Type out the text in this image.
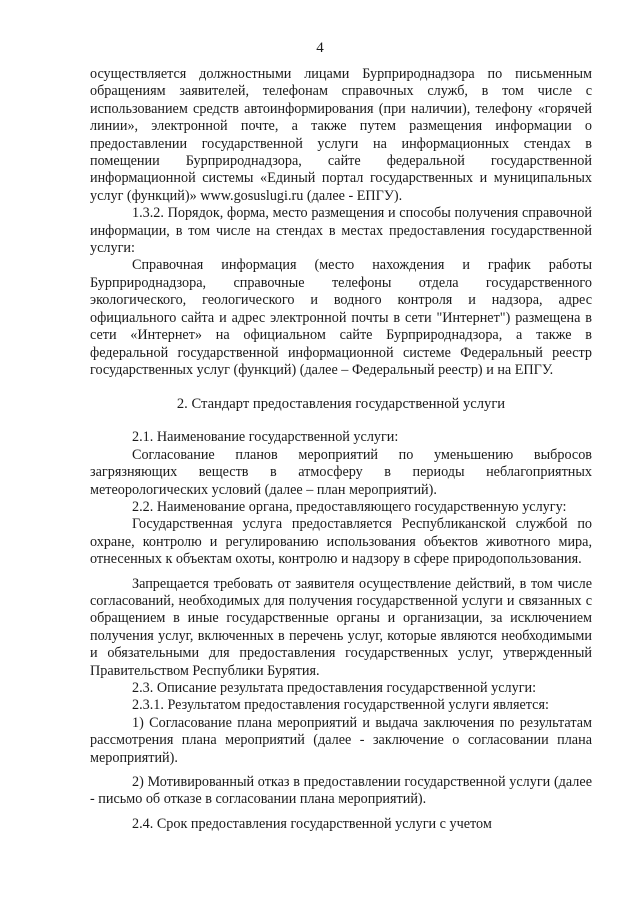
4

осуществляется должностными лицами Бурприроднадзора по письменным обращениям заявителей, телефонам справочных служб, в том числе с использованием средств автоинформирования (при наличии), телефону «горячей линии», электронной почте, а также путем размещения информации о предоставлении государственной услуги на информационных стендах в помещении Бурприроднадзора, сайте федеральной государственной информационной системы «Единый портал государственных и муниципальных услуг (функций)» www.gosuslugi.ru (далее - ЕПГУ).

1.3.2. Порядок, форма, место размещения и способы получения справочной информации, в том числе на стендах в местах предоставления государственной услуги:

Справочная информация (место нахождения и график работы Бурприроднадзора, справочные телефоны отдела государственного экологического, геологического и водного контроля и надзора, адрес официального сайта и адрес электронной почты в сети "Интернет") размещена в сети «Интернет» на официальном сайте Бурприроднадзора, а также в федеральной государственной информационной системе Федеральный реестр государственных услуг (функций) (далее – Федеральный реестр) и на ЕПГУ.

2. Стандарт предоставления государственной услуги

2.1. Наименование государственной услуги:

Согласование планов мероприятий по уменьшению выбросов загрязняющих веществ в атмосферу в периоды неблагоприятных метеорологических условий (далее – план мероприятий).

2.2. Наименование органа, предоставляющего государственную услугу:

Государственная услуга предоставляется Республиканской службой по охране, контролю и регулированию использования объектов животного мира, отнесенных к объектам охоты, контролю и надзору в сфере природопользования.

Запрещается требовать от заявителя осуществление действий, в том числе согласований, необходимых для получения государственной услуги и связанных с обращением в иные государственные органы и организации, за исключением получения услуг, включенных в перечень услуг, которые являются необходимыми и обязательными для предоставления государственных услуг, утвержденный Правительством Республики Бурятия.

2.3. Описание результата предоставления государственной услуги:

2.3.1. Результатом предоставления государственной услуги является:

1) Согласование плана мероприятий и выдача заключения по результатам рассмотрения плана мероприятий (далее - заключение о согласовании плана мероприятий).

2) Мотивированный отказ в предоставлении государственной услуги (далее - письмо об отказе в согласовании плана мероприятий).

2.4. Срок предоставления государственной услуги с учетом
